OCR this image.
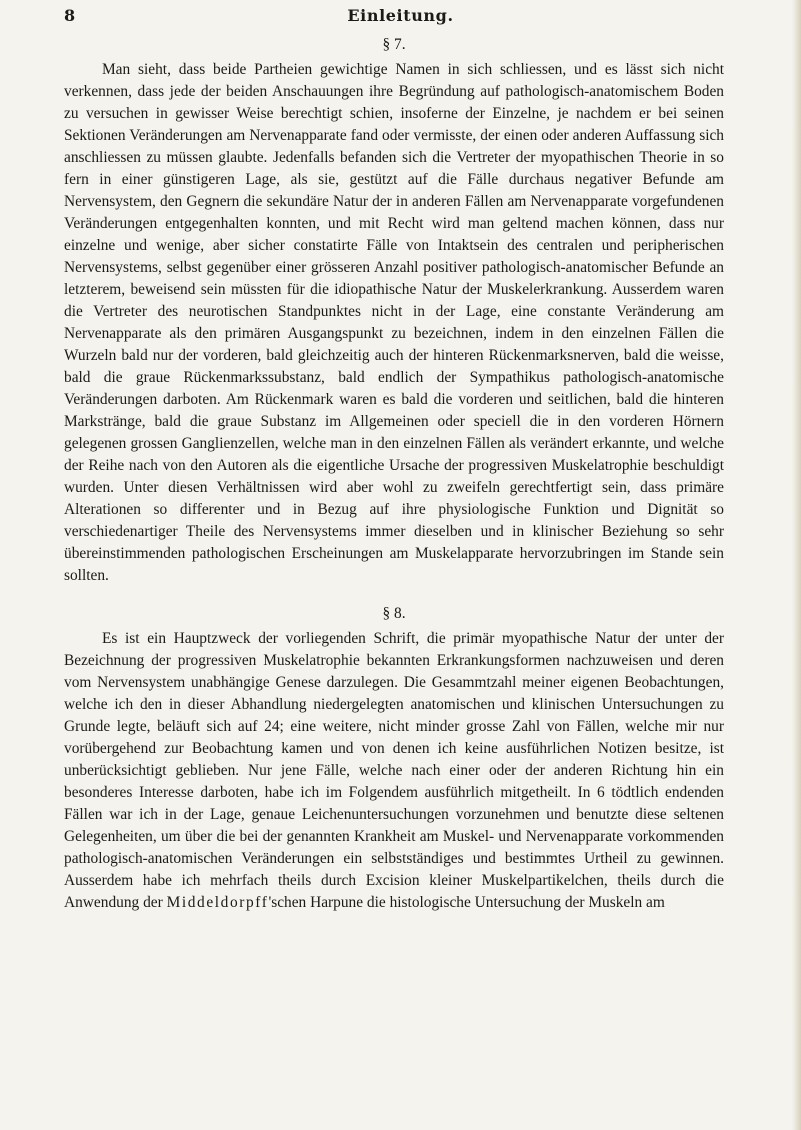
8	Einleitung.
§ 7.

Man sieht, dass beide Partheien gewichtige Namen in sich schliessen, und es lässt sich nicht verkennen, dass jede der beiden Anschauungen ihre Begründung auf pathologisch-anatomischem Boden zu versuchen in gewisser Weise berechtigt schien, insoferne der Einzelne, je nachdem er bei seinen Sektionen Veränderungen am Nervenapparate fand oder vermisste, der einen oder anderen Auffassung sich anschliessen zu müssen glaubte. Jedenfalls befanden sich die Vertreter der myopathischen Theorie in so fern in einer günstigeren Lage, als sie, gestützt auf die Fälle durchaus negativer Befunde am Nervensystem, den Gegnern die sekundäre Natur der in anderen Fällen am Nervenapparate vorgefundenen Veränderungen entgegenhalten konnten, und mit Recht wird man geltend machen können, dass nur einzelne und wenige, aber sicher constatirte Fälle von Intaktsein des centralen und peripherischen Nervensystems, selbst gegenüber einer grösseren Anzahl positiver pathologisch-anatomischer Befunde an letzterem, beweisend sein müssten für die idiopathische Natur der Muskelerkrankung. Ausserdem waren die Vertreter des neurotischen Standpunktes nicht in der Lage, eine constante Veränderung am Nervenapparate als den primären Ausgangspunkt zu bezeichnen, indem in den einzelnen Fällen die Wurzeln bald nur der vorderen, bald gleichzeitig auch der hinteren Rückenmarksnerven, bald die weisse, bald die graue Rückenmarkssubstanz, bald endlich der Sympathikus pathologisch-anatomische Veränderungen darboten. Am Rückenmark waren es bald die vorderen und seitlichen, bald die hinteren Markstränge, bald die graue Substanz im Allgemeinen oder speciell die in den vorderen Hörnern gelegenen grossen Ganglienzellen, welche man in den einzelnen Fällen als verändert erkannte, und welche der Reihe nach von den Autoren als die eigentliche Ursache der progressiven Muskelatrophie beschuldigt wurden. Unter diesen Verhältnissen wird aber wohl zu zweifeln gerechtfertigt sein, dass primäre Alterationen so differenter und in Bezug auf ihre physiologische Funktion und Dignität so verschiedenartiger Theile des Nervensystems immer dieselben und in klinischer Beziehung so sehr übereinstimmenden pathologischen Erscheinungen am Muskelapparate hervorzubringen im Stande sein sollten.

§ 8.

Es ist ein Hauptzweck der vorliegenden Schrift, die primär myopathische Natur der unter der Bezeichnung der progressiven Muskelatrophie bekannten Erkrankungsformen nachzuweisen und deren vom Nervensystem unabhängige Genese darzulegen. Die Gesammtzahl meiner eigenen Beobachtungen, welche ich den in dieser Abhandlung niedergelegten anatomischen und klinischen Untersuchungen zu Grunde legte, beläuft sich auf 24; eine weitere, nicht minder grosse Zahl von Fällen, welche mir nur vorübergehend zur Beobachtung kamen und von denen ich keine ausführlichen Notizen besitze, ist unberücksichtigt geblieben. Nur jene Fälle, welche nach einer oder der anderen Richtung hin ein besonderes Interesse darboten, habe ich im Folgendem ausführlich mitgetheilt. In 6 tödtlich endenden Fällen war ich in der Lage, genaue Leichenuntersuchungen vorzunehmen und benutzte diese seltenen Gelegenheiten, um über die bei der genannten Krankheit am Muskel- und Nervenapparate vorkommenden pathologisch-anatomischen Veränderungen ein selbstständiges und bestimmtes Urtheil zu gewinnen. Ausserdem habe ich mehrfach theils durch Excision kleiner Muskelpartikelchen, theils durch die Anwendung der Middeldorpff'schen Harpune die histologische Untersuchung der Muskeln am
